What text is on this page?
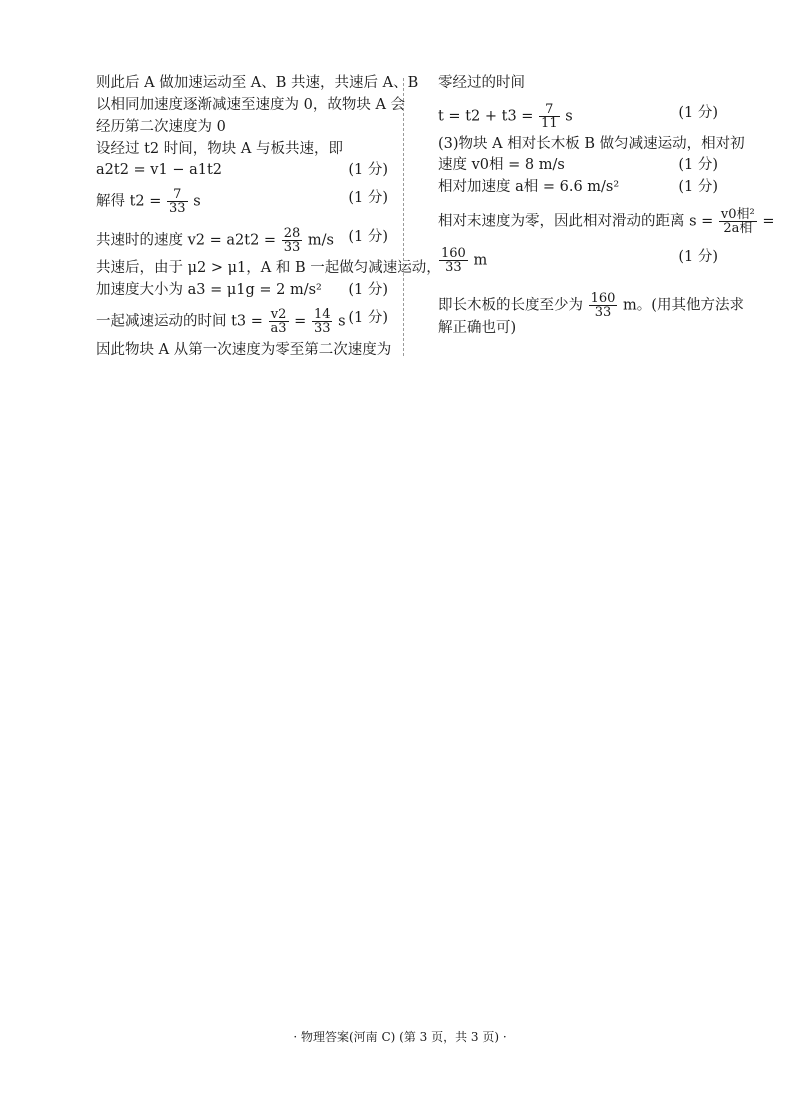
则此后 A 做加速运动至 A、B 共速，共速后 A、B
以相同加速度逐渐减速至速度为 0，故物块 A 会
经历第二次速度为 0
设经过 t2 时间，物块 A 与板共速，即
a2t2 = v1 − a1t2	(1 分)
解得 $t2 = \frac{7}{33}$ s	(1 分)
共速时的速度 $v2 = a2t2 = \frac{28}{33} m/s$ (1 分)
共速后，由于 μ2 > μ1，A 和 B 一起做匀减速运动，
加速度大小为 a3 = μ1g = 2 m/s² (1 分)
一起减速运动的时间 $t3 = \frac{v2}{a3} = \frac{14}{33}$ s (1 分)
因此物块 A 从第一次速度为零至第二次速度为
零经过的时间
$t = t2 + t3 = \frac{7}{11}$ s	(1 分)
(3)物块 A 相对长木板 B 做匀减速运动，相对初
速度 v0相 = 8 m/s	(1 分)
相对加速度 a相 = 6.6 m/s²	(1 分)
相对末速度为零，因此相对滑动的距离 $s = \frac{\text{v0相²}}{\text{2a相}}$ =
$\frac{160}{33}$ m	(1 分)
即长木板的长度至少为 $\frac{160}{33}$ m。(用其他方法求
解正确也可)
· 物理答案(河南 C) (第 3 页，共 3 页) ·
